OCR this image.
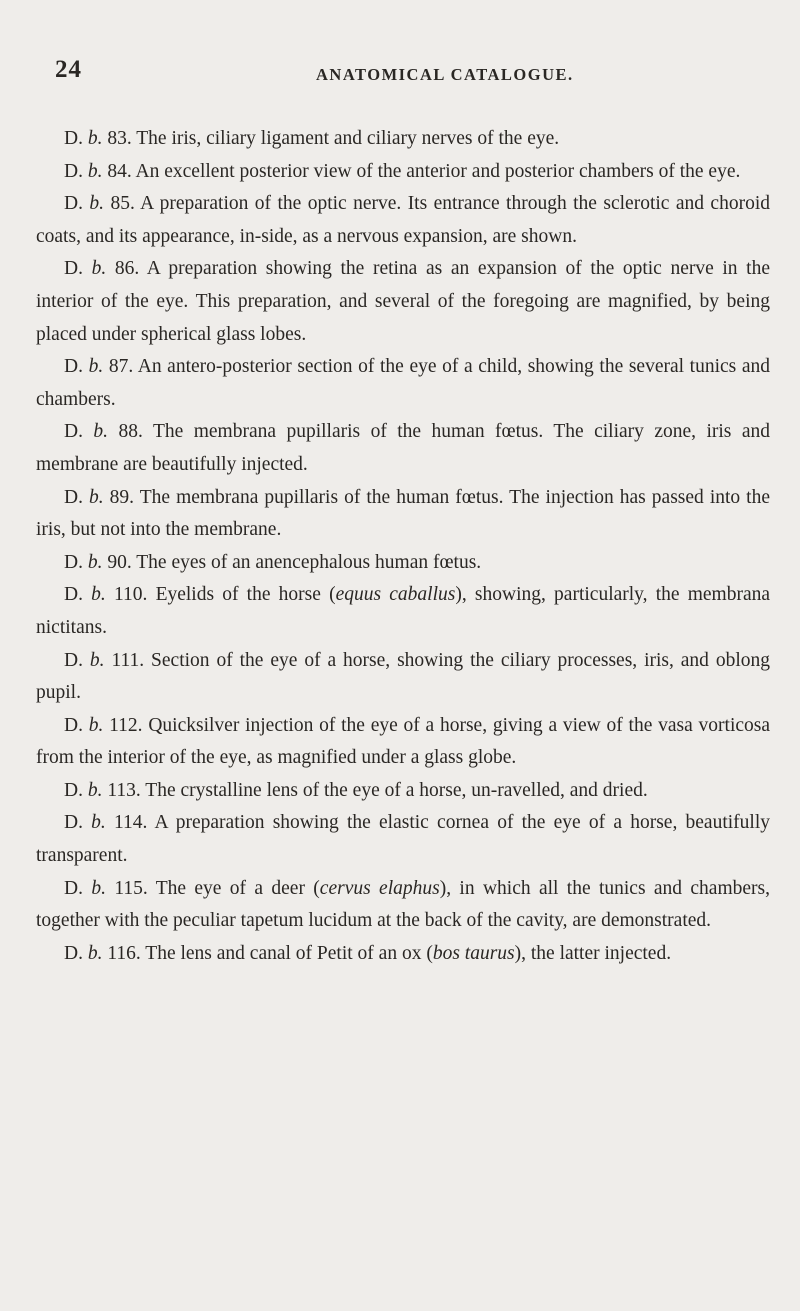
24	ANATOMICAL CATALOGUE.

D. b. 83. The iris, ciliary ligament and ciliary nerves of the eye.

D. b. 84. An excellent posterior view of the anterior and posterior chambers of the eye.

D. b. 85. A preparation of the optic nerve. Its entrance through the sclerotic and choroid coats, and its appearance, in-side, as a nervous expansion, are shown.

D. b. 86. A preparation showing the retina as an expansion of the optic nerve in the interior of the eye. This preparation, and several of the foregoing are magnified, by being placed under spherical glass lobes.

D. b. 87. An antero-posterior section of the eye of a child, showing the several tunics and chambers.

D. b. 88. The membrana pupillaris of the human fœtus. The ciliary zone, iris and membrane are beautifully injected.

D. b. 89. The membrana pupillaris of the human fœtus. The injection has passed into the iris, but not into the membrane.

D. b. 90. The eyes of an anencephalous human fœtus.

D. b. 110. Eyelids of the horse (equus caballus), showing, particularly, the membrana nictitans.

D. b. 111. Section of the eye of a horse, showing the ciliary processes, iris, and oblong pupil.

D. b. 112. Quicksilver injection of the eye of a horse, giving a view of the vasa vorticosa from the interior of the eye, as magnified under a glass globe.

D. b. 113. The crystalline lens of the eye of a horse, un-ravelled, and dried.

D. b. 114. A preparation showing the elastic cornea of the eye of a horse, beautifully transparent.

D. b. 115. The eye of a deer (cervus elaphus), in which all the tunics and chambers, together with the peculiar tapetum lucidum at the back of the cavity, are demonstrated.

D. b. 116. The lens and canal of Petit of an ox (bos taurus), the latter injected.
